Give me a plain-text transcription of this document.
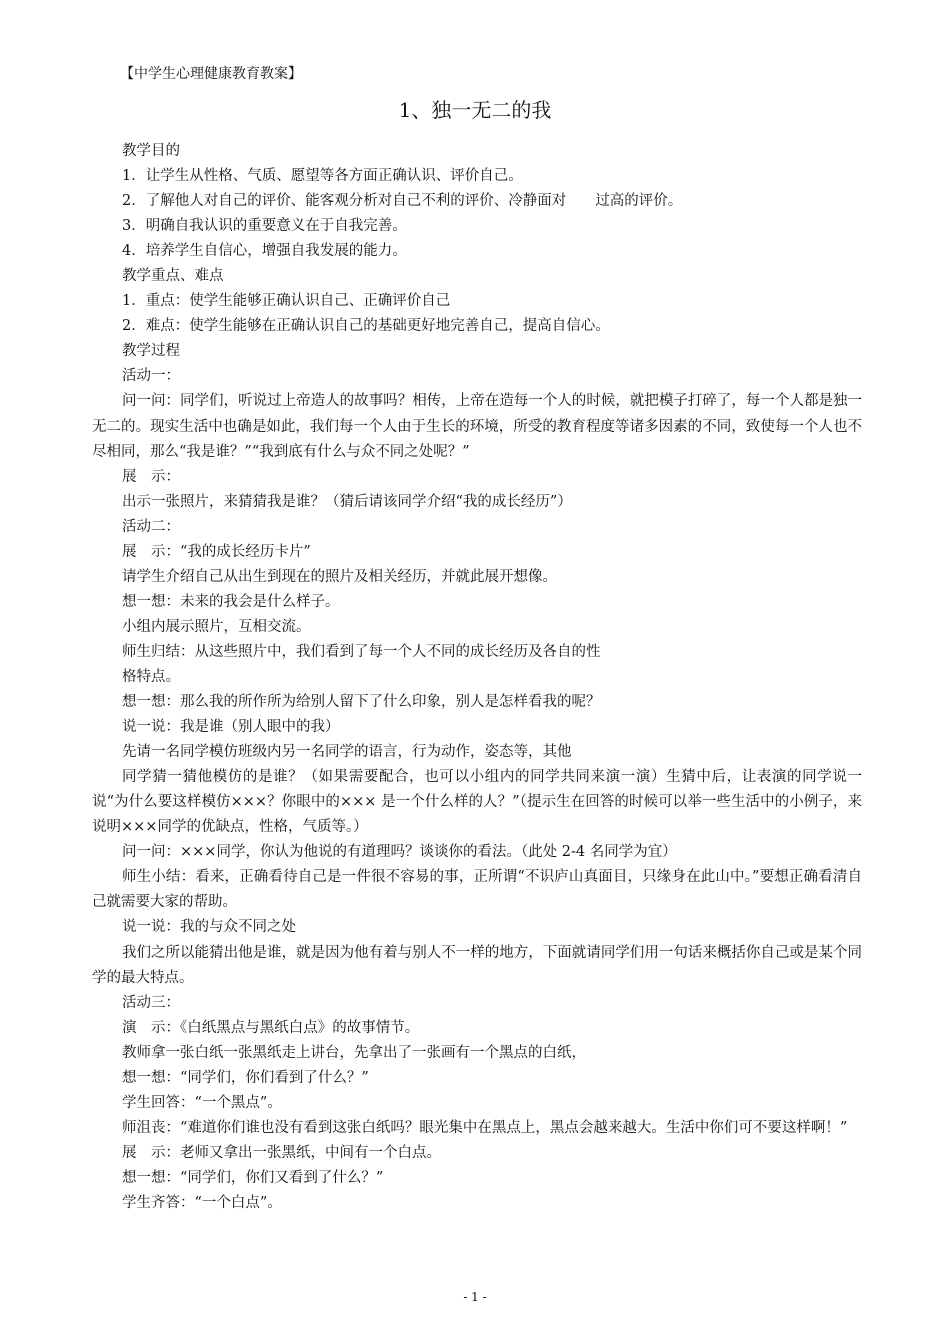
【中学生心理健康教育教案】
1、独一无二的我

教学目的

1．让学生从性格、气质、愿望等各方面正确认识、评价自己。

2．了解他人对自己的评价、能客观分析对自己不利的评价、冷静面对　　过高的评价。

3．明确自我认识的重要意义在于自我完善。

4．培养学生自信心，增强自我发展的能力。

教学重点、难点

1．重点：使学生能够正确认识自己、正确评价自己

2．难点：使学生能够在正确认识自己的基础更好地完善自己，提高自信心。

教学过程

活动一：

问一问：同学们，听说过上帝造人的故事吗？相传，上帝在造每一个人的时候，就把模子打碎了，每一个人都是独一无二的。现实生活中也确是如此，我们每一个人由于生长的环境，所受的教育程度等诸多因素的不同，致使每一个人也不尽相同，那么“我是谁？”“我到底有什么与众不同之处呢？”

展　示：

出示一张照片，来猜猜我是谁？（猜后请该同学介绍“我的成长经历”）

活动二：

展　示：“我的成长经历卡片”

请学生介绍自己从出生到现在的照片及相关经历，并就此展开想像。

想一想：未来的我会是什么样子。

小组内展示照片，互相交流。

师生归结：从这些照片中，我们看到了每一个人不同的成长经历及各自的性

格特点。

想一想：那么我的所作所为给别人留下了什么印象，别人是怎样看我的呢？

说一说：我是谁（别人眼中的我）

先请一名同学模仿班级内另一名同学的语言，行为动作，姿态等，其他

同学猜一猜他模仿的是谁？（如果需要配合，也可以小组内的同学共同来演一演）生猜中后，让表演的同学说一说“为什么要这样模仿×××？你眼中的××× 是一个什么样的人？”（提示生在回答的时候可以举一些生活中的小例子，来说明×××同学的优缺点，性格，气质等。）

问一问：×××同学，你认为他说的有道理吗？谈谈你的看法。（此处 2-4 名同学为宜）

师生小结：看来，正确看待自己是一件很不容易的事，正所谓“不识庐山真面目，只缘身在此山中。”要想正确看清自己就需要大家的帮助。

说一说：我的与众不同之处

我们之所以能猜出他是谁，就是因为他有着与别人不一样的地方，下面就请同学们用一句话来概括你自己或是某个同学的最大特点。

活动三：

演　示：《白纸黑点与黑纸白点》的故事情节。

教师拿一张白纸一张黑纸走上讲台，先拿出了一张画有一个黑点的白纸，

想一想：“同学们，你们看到了什么？”

学生回答：“一个黑点”。

师沮丧：“难道你们谁也没有看到这张白纸吗？眼光集中在黑点上，黑点会越来越大。生活中你们可不要这样啊！”

展　示：老师又拿出一张黑纸，中间有一个白点。

想一想：“同学们，你们又看到了什么？”

学生齐答：“一个白点”。

- 1 -
